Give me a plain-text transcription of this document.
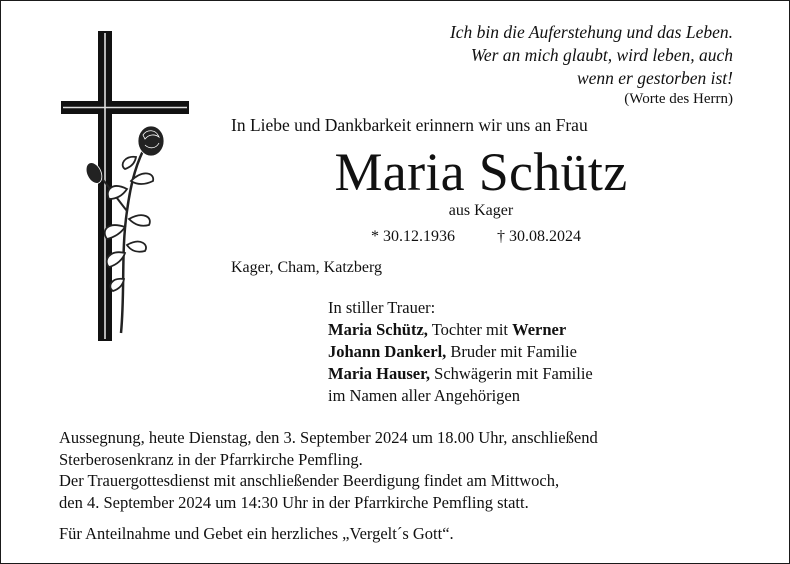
Ich bin die Auferstehung und das Leben.
Wer an mich glaubt, wird leben, auch
wenn er gestorben ist!
(Worte des Herrn)
In Liebe und Dankbarkeit erinnern wir uns an Frau
Maria Schütz
aus Kager
* 30.12.1936	† 30.08.2024
Kager, Cham, Katzberg
In stiller Trauer:
Maria Schütz, Tochter mit Werner
Johann Dankerl, Bruder mit Familie
Maria Hauser, Schwägerin mit Familie
im Namen aller Angehörigen
Aussegnung, heute Dienstag, den 3. September 2024 um 18.00 Uhr, anschließend
Sterberosenkranz in der Pfarrkirche Pemfling.
Der Trauergottesdienst mit anschließender Beerdigung findet am Mittwoch,
den 4. September 2024 um 14:30 Uhr in der Pfarrkirche Pemfling statt.
Für Anteilnahme und Gebet ein herzliches „Vergelt´s Gott“.
